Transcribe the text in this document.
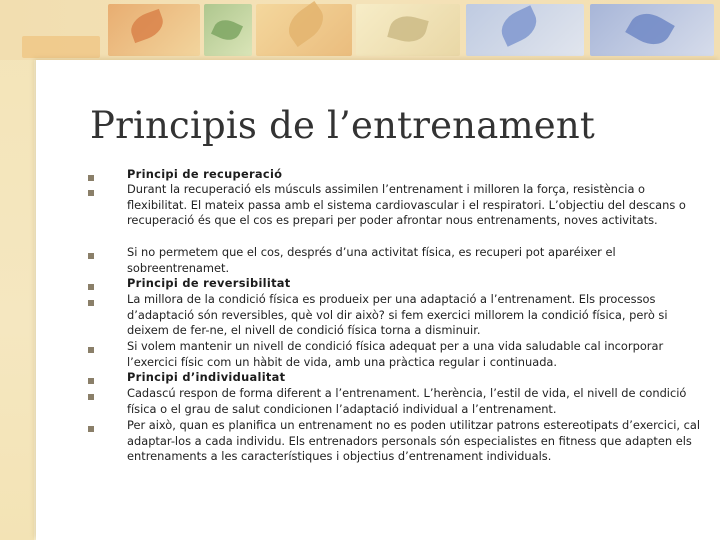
Principis de l’entrenament

Principi de recuperació

Durant la recuperació els músculs assimilen l’entrenament i milloren la força, resistència o flexibilitat. El mateix passa amb el sistema cardiovascular i el respiratori. L’objectiu del descans o recuperació és que el cos es prepari per poder afrontar nous entrenaments, noves activitats.

Si no permetem que el cos, després d’una activitat física, es recuperi pot aparéixer el sobreentrenamet.

Principi de reversibilitat

La millora de la condició física es produeix per una adaptació a l’entrenament. Els processos d’adaptació són reversibles, què vol dir això? si fem exercici millorem la condició física, però si deixem de fer-ne, el nivell de condició física torna a disminuir.

Si volem mantenir un nivell de condició física adequat per a una vida saludable cal incorporar l’exercici físic com un hàbit de vida, amb una pràctica regular i continuada.

Principi d’individualitat

Cadascú respon de forma diferent a l’entrenament. L’herència, l’estil de vida, el nivell de condició física o el grau de salut condicionen l’adaptació individual a l’entrenament.

Per això, quan es planifica un entrenament no es poden utilitzar patrons estereotipats d’exercici, cal adaptar-los a cada individu. Els entrenadors personals són especialistes en fitness que adapten els entrenaments a les característiques i objectius d’entrenament individuals.
